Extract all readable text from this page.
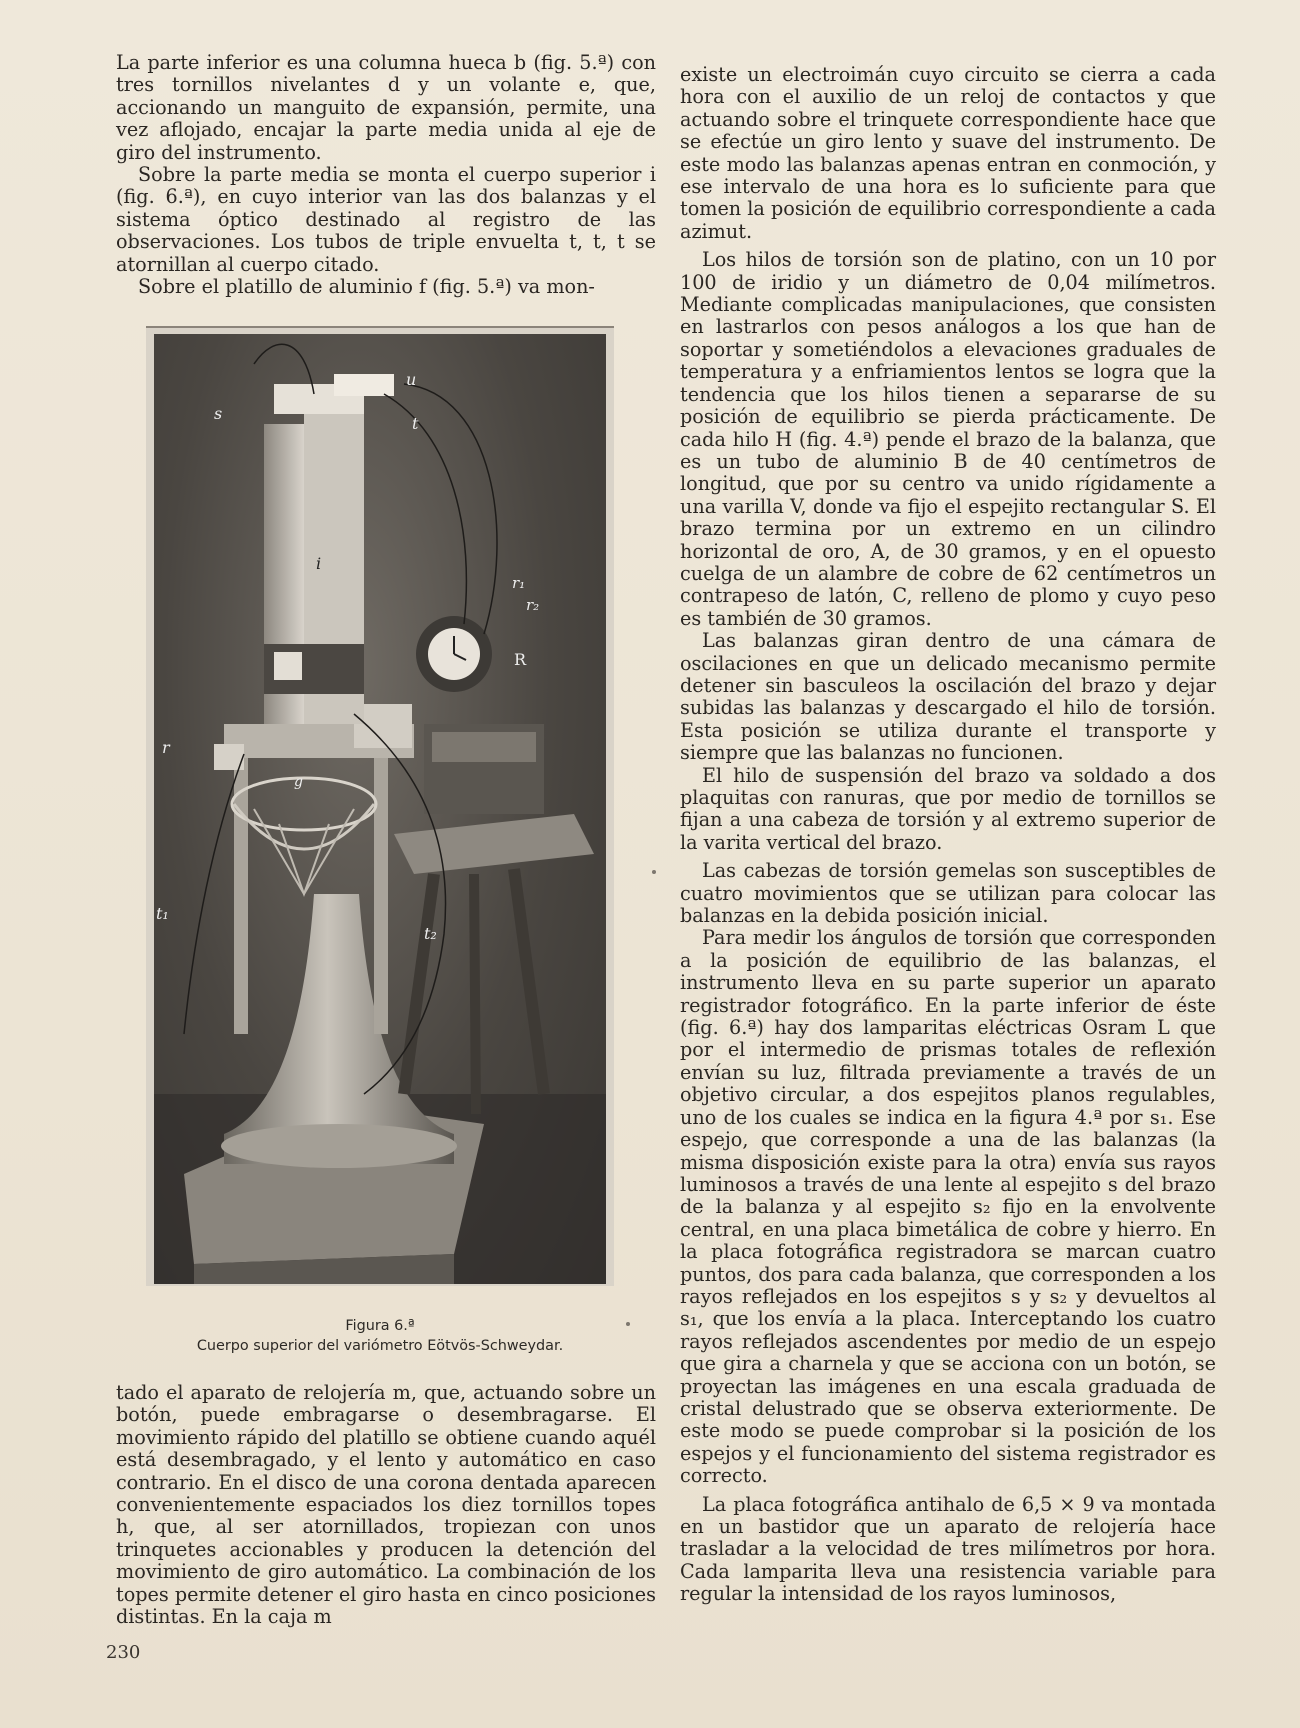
La parte inferior es una columna hueca b (fig. 5.ª) con tres tornillos nivelantes d y un volante e, que, accionando un manguito de expansión, permite, una vez aflojado, encajar la parte media unida al eje de giro del instrumento.

Sobre la parte media se monta el cuerpo superior i (fig. 6.ª), en cuyo interior van las dos balanzas y el sistema óptico destinado al registro de las observaciones. Los tubos de triple envuelta t, t, t se atornillan al cuerpo citado.

Sobre el platillo de aluminio f (fig. 5.ª) va mon-

u
s
t
i
r₁
r₂
R
r
t₁
t₂
g
Figura 6.ª
Cuerpo superior del variómetro Eötvös-Schweydar.

tado el aparato de relojería m, que, actuando sobre un botón, puede embragarse o desembragarse. El movimiento rápido del platillo se obtiene cuando aquél está desembragado, y el lento y automático en caso contrario. En el disco de una corona dentada aparecen convenientemente espaciados los diez tornillos topes h, que, al ser atornillados, tropiezan con unos trinquetes accionables y producen la detención del movimiento de giro automático. La combinación de los topes permite detener el giro hasta en cinco posiciones distintas. En la caja m

existe un electroimán cuyo circuito se cierra a cada hora con el auxilio de un reloj de contactos y que actuando sobre el trinquete correspondiente hace que se efectúe un giro lento y suave del instrumento. De este modo las balanzas apenas entran en conmoción, y ese intervalo de una hora es lo suficiente para que tomen la posición de equilibrio correspondiente a cada azimut.

Los hilos de torsión son de platino, con un 10 por 100 de iridio y un diámetro de 0,04 milímetros. Mediante complicadas manipulaciones, que consisten en lastrarlos con pesos análogos a los que han de soportar y sometiéndolos a elevaciones graduales de temperatura y a enfriamientos lentos se logra que la tendencia que los hilos tienen a separarse de su posición de equilibrio se pierda prácticamente. De cada hilo H (fig. 4.ª) pende el brazo de la balanza, que es un tubo de aluminio B de 40 centímetros de longitud, que por su centro va unido rígidamente a una varilla V, donde va fijo el espejito rectangular S. El brazo termina por un extremo en un cilindro horizontal de oro, A, de 30 gramos, y en el opuesto cuelga de un alambre de cobre de 62 centímetros un contrapeso de latón, C, relleno de plomo y cuyo peso es también de 30 gramos.

Las balanzas giran dentro de una cámara de oscilaciones en que un delicado mecanismo permite detener sin basculeos la oscilación del brazo y dejar subidas las balanzas y descargado el hilo de torsión. Esta posición se utiliza durante el transporte y siempre que las balanzas no funcionen.

El hilo de suspensión del brazo va soldado a dos plaquitas con ranuras, que por medio de tornillos se fijan a una cabeza de torsión y al extremo superior de la varita vertical del brazo.

Las cabezas de torsión gemelas son susceptibles de cuatro movimientos que se utilizan para colocar las balanzas en la debida posición inicial.

Para medir los ángulos de torsión que corresponden a la posición de equilibrio de las balanzas, el instrumento lleva en su parte superior un aparato registrador fotográfico. En la parte inferior de éste (fig. 6.ª) hay dos lamparitas eléctricas Osram L que por el intermedio de prismas totales de reflexión envían su luz, filtrada previamente a través de un objetivo circular, a dos espejitos planos regulables, uno de los cuales se indica en la figura 4.ª por s₁. Ese espejo, que corresponde a una de las balanzas (la misma disposición existe para la otra) envía sus rayos luminosos a través de una lente al espejito s del brazo de la balanza y al espejito s₂ fijo en la envolvente central, en una placa bimetálica de cobre y hierro. En la placa fotográfica registradora se marcan cuatro puntos, dos para cada balanza, que corresponden a los rayos reflejados en los espejitos s y s₂ y devueltos al s₁, que los envía a la placa. Interceptando los cuatro rayos reflejados ascendentes por medio de un espejo que gira a charnela y que se acciona con un botón, se proyectan las imágenes en una escala graduada de cristal delustrado que se observa exteriormente. De este modo se puede comprobar si la posición de los espejos y el funcionamiento del sistema registrador es correcto.

La placa fotográfica antihalo de 6,5 × 9 va montada en un bastidor que un aparato de relojería hace trasladar a la velocidad de tres milímetros por hora. Cada lamparita lleva una resistencia variable para regular la intensidad de los rayos luminosos,

230
